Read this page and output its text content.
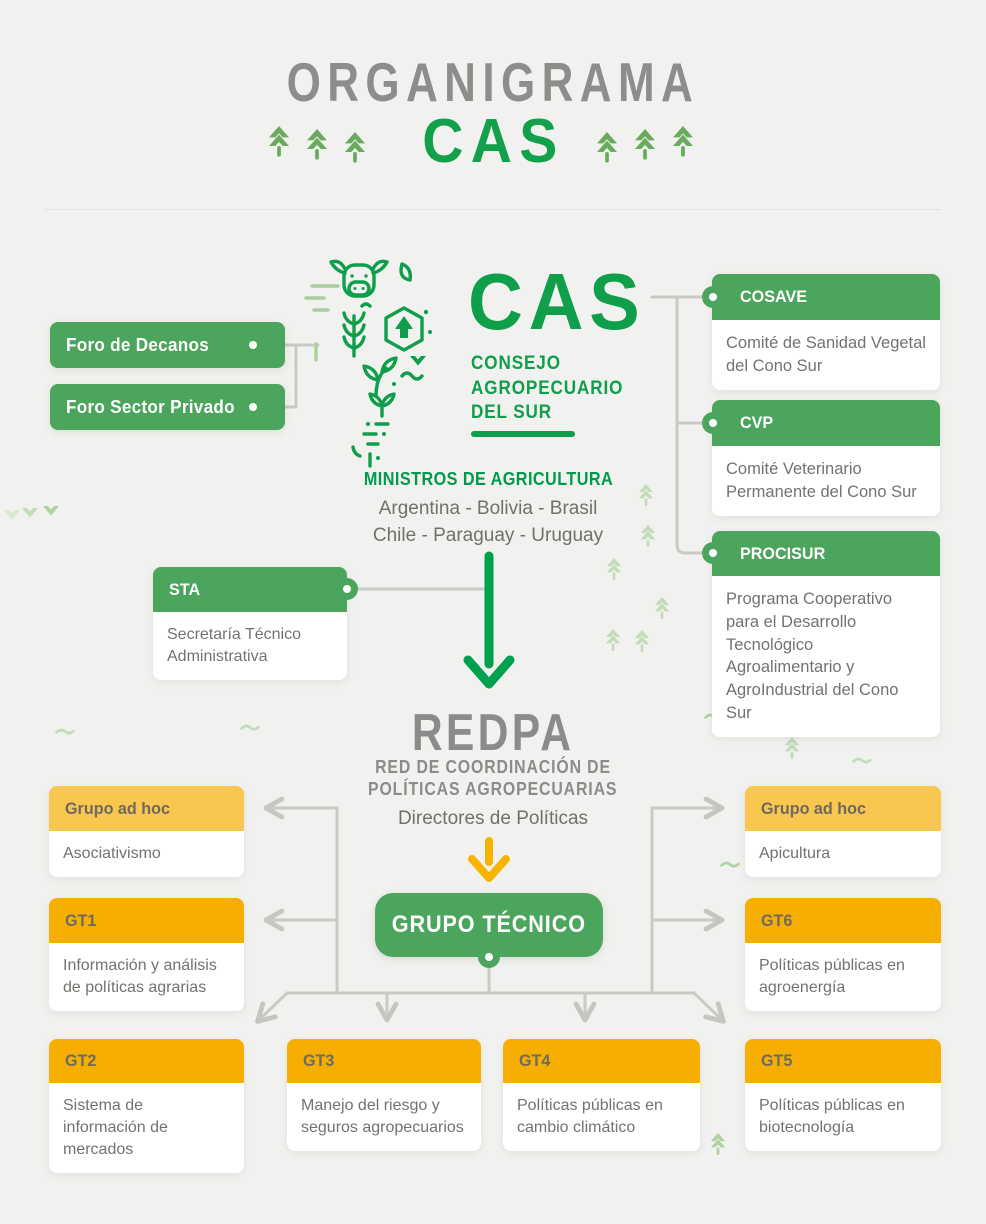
ORGANIGRAMA
CAS
CAS
CONSEJO
AGROPECUARIO
DEL SUR
MINISTROS DE AGRICULTURA
Argentina - Bolivia - Brasil
Chile - Paraguay - Uruguay
Foro de Decanos
Foro Sector Privado
COSAVE
Comité de Sanidad Vegetal del Cono Sur
CVP
Comité Veterinario Permanente del Cono Sur
PROCISUR
Programa Cooperativo para el Desarrollo Tecnológico Agroalimentario y AgroIndustrial del Cono Sur
STA
Secretaría Técnico Administrativa
REDPA
RED DE COORDINACIÓN DE
POLÍTICAS AGROPECUARIAS
Directores de Políticas
GRUPO TÉCNICO
Grupo ad hoc
Asociativismo
GT1
Información y análisis de políticas agrarias
GT2
Sistema de información de mercados
GT3
Manejo del riesgo y seguros agropecuarios
GT4
Políticas públicas en cambio climático
Grupo ad hoc
Apicultura
GT6
Políticas públicas en agroenergía
GT5
Políticas públicas en biotecnología
